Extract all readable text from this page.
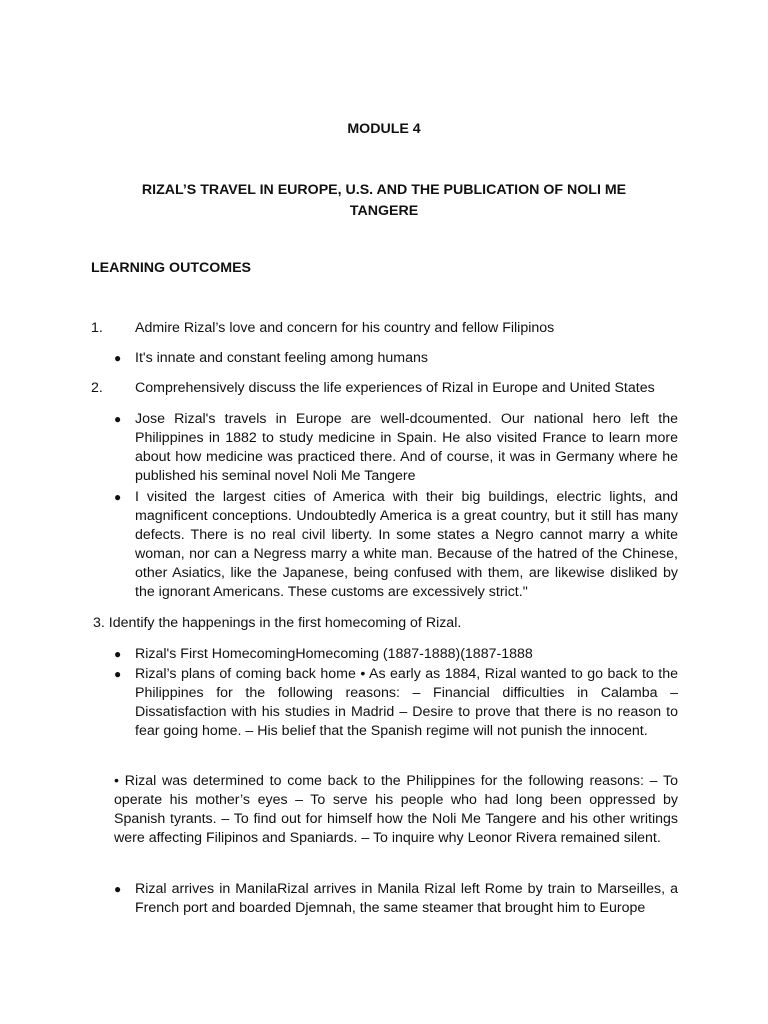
MODULE 4
RIZAL’S TRAVEL IN EUROPE, U.S. AND THE PUBLICATION OF NOLI ME TANGERE
LEARNING OUTCOMES
1. Admire Rizal’s love and concern for his country and fellow Filipinos
● It's innate and constant feeling among humans
2. Comprehensively discuss the life experiences of Rizal in Europe and United States
● Jose Rizal's travels in Europe are well-dcoumented. Our national hero left the Philippines in 1882 to study medicine in Spain. He also visited France to learn more about how medicine was practiced there. And of course, it was in Germany where he published his seminal novel Noli Me Tangere
● I visited the largest cities of America with their big buildings, electric lights, and magnificent conceptions. Undoubtedly America is a great country, but it still has many defects. There is no real civil liberty. In some states a Negro cannot marry a white woman, nor can a Negress marry a white man. Because of the hatred of the Chinese, other Asiatics, like the Japanese, being confused with them, are likewise disliked by the ignorant Americans. These customs are excessively strict."
3. Identify the happenings in the first homecoming of Rizal.
● Rizal's First HomecomingHomecoming (1887-1888)(1887-1888
● Rizal’s plans of coming back home • As early as 1884, Rizal wanted to go back to the Philippines for the following reasons: – Financial difficulties in Calamba – Dissatisfaction with his studies in Madrid – Desire to prove that there is no reason to fear going home. – His belief that the Spanish regime will not punish the innocent.
• Rizal was determined to come back to the Philippines for the following reasons: – To operate his mother’s eyes – To serve his people who had long been oppressed by Spanish tyrants. – To find out for himself how the Noli Me Tangere and his other writings were affecting Filipinos and Spaniards. – To inquire why Leonor Rivera remained silent.
● Rizal arrives in ManilaRizal arrives in Manila Rizal left Rome by train to Marseilles, a French port and boarded Djemnah, the same steamer that brought him to Europe
